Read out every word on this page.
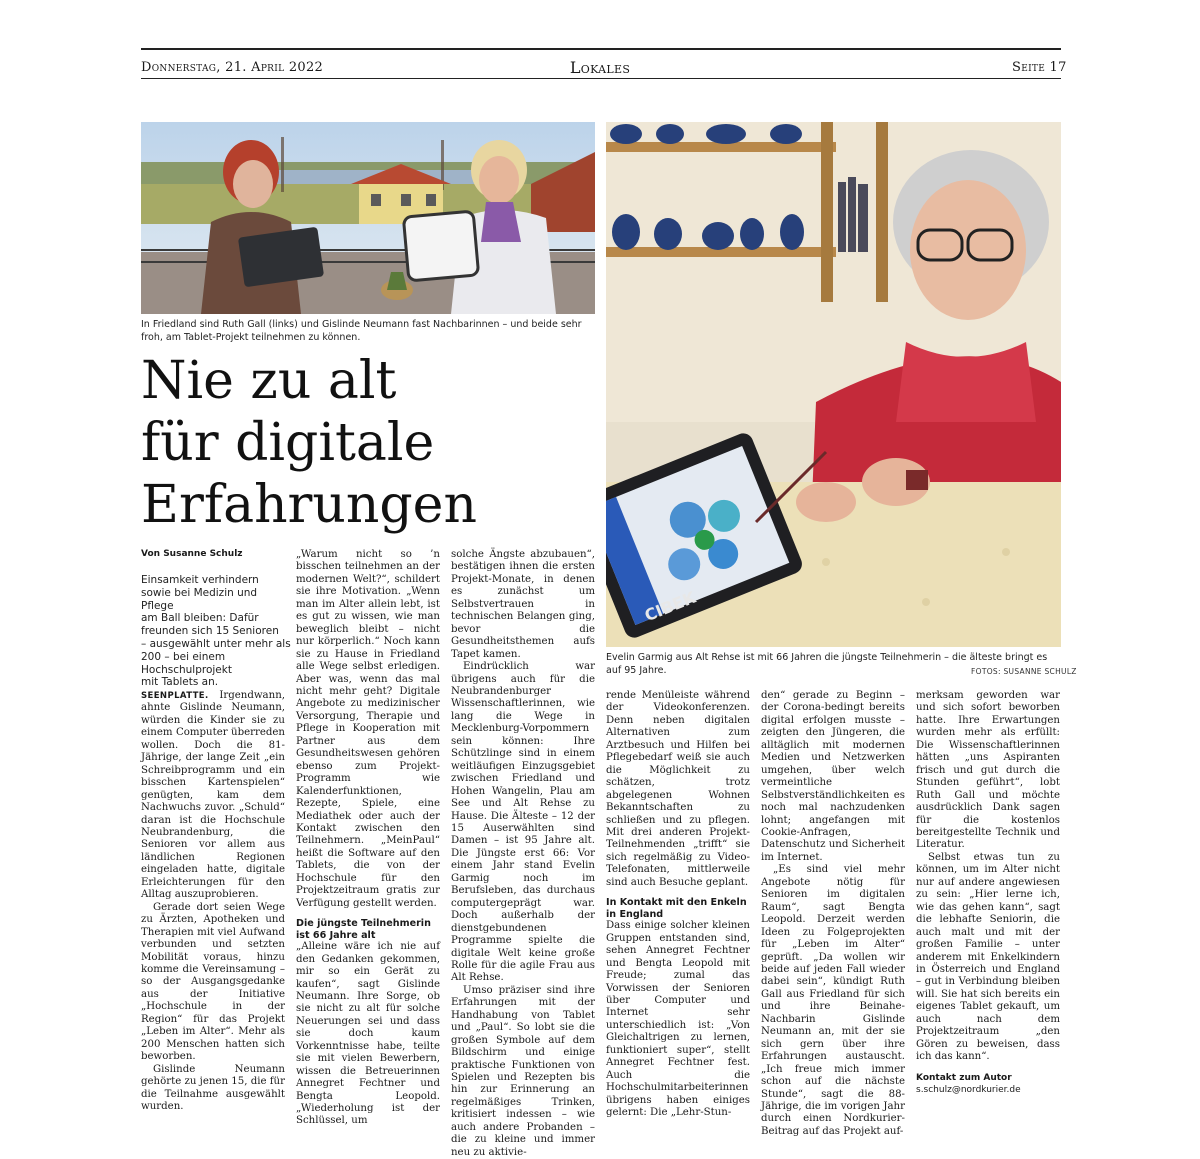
Donnerstag, 21. April 2022	Lokales	Seite 17
In Friedland sind Ruth Gall (links) und Gislinde Neumann fast Nachbarinnen – und beide sehr froh, am Tablet-Projekt teilnehmen zu können.
CIBEK
Evelin Garmig aus Alt Rehse ist mit 66 Jahren die jüngste Teilnehmerin – die älteste bringt es auf 95 Jahre.	FOTOS: SUSANNE SCHULZ
Nie zu alt
für digitale
Erfahrungen
Von Susanne Schulz
Einsamkeit verhindern
sowie bei Medizin und Pflege
am Ball bleiben: Dafür
freunden sich 15 Senioren
– ausgewählt unter mehr als
200 – bei einem
Hochschulprojekt
mit Tablets an.

SEENPLATTE. Irgendwann, ahnte Gislinde Neumann, würden die Kinder sie zu einem Computer überreden wollen. Doch die 81-Jährige, der lange Zeit „ein Schreibprogramm und ein bisschen Kartenspielen“ genügten, kam dem Nachwuchs zuvor. „Schuld“ daran ist die Hochschule Neubrandenburg, die Senioren vor allem aus ländlichen Regionen eingeladen hatte, digitale Erleichterungen für den Alltag auszuprobieren.

Gerade dort seien Wege zu Ärzten, Apotheken und Therapien mit viel Aufwand verbunden und setzten Mobilität voraus, hinzu komme die Vereinsamung – so der Ausgangsgedanke aus der Initiative „Hochschule in der Region“ für das Projekt „Leben im Alter“. Mehr als 200 Menschen hatten sich beworben.

Gislinde Neumann gehörte zu jenen 15, die für die Teilnahme ausgewählt wurden.

„Warum nicht so ’n bisschen teilnehmen an der modernen Welt?“, schildert sie ihre Motivation. „Wenn man im Alter allein lebt, ist es gut zu wissen, wie man beweglich bleibt – nicht nur körperlich.“ Noch kann sie zu Hause in Friedland alle Wege selbst erledigen. Aber was, wenn das mal nicht mehr geht? Digitale Angebote zu medizinischer Versorgung, Therapie und Pflege in Kooperation mit Partner aus dem Gesundheitswesen gehören ebenso zum Projekt-Programm wie Kalenderfunktionen, Rezepte, Spiele, eine Mediathek oder auch der Kontakt zwischen den Teilnehmern. „MeinPaul“ heißt die Software auf den Tablets, die von der Hochschule für den Projektzeitraum gratis zur Verfügung gestellt werden.

Die jüngste Teilnehmerin ist 66 Jahre alt

„Alleine wäre ich nie auf den Gedanken gekommen, mir so ein Gerät zu kaufen“, sagt Gislinde Neumann. Ihre Sorge, ob sie nicht zu alt für solche Neuerungen sei und dass sie doch kaum Vorkenntnisse habe, teilte sie mit vielen Bewerbern, wissen die Betreuerinnen Annegret Fechtner und Bengta Leopold. „Wiederholung ist der Schlüssel, um

solche Ängste abzubauen“, bestätigen ihnen die ersten Projekt-Monate, in denen es zunächst um Selbstvertrauen in technischen Belangen ging, bevor die Gesundheitsthemen aufs Tapet kamen.

Eindrücklich war übrigens auch für die Neubrandenburger Wissenschaftlerinnen, wie lang die Wege in Mecklenburg-Vorpommern sein können: Ihre Schützlinge sind in einem weitläufigen Einzugsgebiet zwischen Friedland und Hohen Wangelin, Plau am See und Alt Rehse zu Hause. Die Älteste – 12 der 15 Auserwählten sind Damen – ist 95 Jahre alt. Die Jüngste erst 66: Vor einem Jahr stand Evelin Garmig noch im Berufsleben, das durchaus computergeprägt war. Doch außerhalb der dienstgebundenen Programme spielte die digitale Welt keine große Rolle für die agile Frau aus Alt Rehse.

Umso präziser sind ihre Erfahrungen mit der Handhabung von Tablet und „Paul“. So lobt sie die großen Symbole auf dem Bildschirm und einige praktische Funktionen von Spielen und Rezepten bis hin zur Erinnerung an regelmäßiges Trinken, kritisiert indessen – wie auch andere Probanden – die zu kleine und immer neu zu aktivie-

rende Menüleiste während der Videokonferenzen. Denn neben digitalen Alternativen zum Arztbesuch und Hilfen bei Pflegebedarf weiß sie auch die Möglichkeit zu schätzen, trotz abgelegenen Wohnen Bekanntschaften zu schließen und zu pflegen. Mit drei anderen Projekt-Teilnehmenden „trifft“ sie sich regelmäßig zu Video-Telefonaten, mittlerweile sind auch Besuche geplant.

In Kontakt mit den Enkeln in England

Dass einige solcher kleinen Gruppen entstanden sind, sehen Annegret Fechtner und Bengta Leopold mit Freude; zumal das Vorwissen der Senioren über Computer und Internet sehr unterschiedlich ist: „Von Gleichaltrigen zu lernen, funktioniert super“, stellt Annegret Fechtner fest. Auch die Hochschulmitarbeiterinnen übrigens haben einiges gelernt: Die „Lehr-Stun-

den“ gerade zu Beginn – der Corona-bedingt bereits digital erfolgen musste – zeigten den Jüngeren, die alltäglich mit modernen Medien und Netzwerken umgehen, über welch vermeintliche Selbstverständlichkeiten es noch mal nachzudenken lohnt; angefangen mit Cookie-Anfragen, Datenschutz und Sicherheit im Internet.

„Es sind viel mehr Angebote nötig für Senioren im digitalen Raum“, sagt Bengta Leopold. Derzeit werden Ideen zu Folgeprojekten für „Leben im Alter“ geprüft. „Da wollen wir beide auf jeden Fall wieder dabei sein“, kündigt Ruth Gall aus Friedland für sich und ihre Beinahe-Nachbarin Gislinde Neumann an, mit der sie sich gern über ihre Erfahrungen austauscht. „Ich freue mich immer schon auf die nächste Stunde“, sagt die 88-Jährige, die im vorigen Jahr durch einen Nordkurier-Beitrag auf das Projekt auf-

merksam geworden war und sich sofort beworben hatte. Ihre Erwartungen wurden mehr als erfüllt: Die Wissenschaftlerinnen hätten „uns Aspiranten frisch und gut durch die Stunden geführt“, lobt Ruth Gall und möchte ausdrücklich Dank sagen für die kostenlos bereitgestellte Technik und Literatur.

Selbst etwas tun zu können, um im Alter nicht nur auf andere angewiesen zu sein: „Hier lerne ich, wie das gehen kann“, sagt die lebhafte Seniorin, die auch malt und mit der großen Familie – unter anderem mit Enkelkindern in Österreich und England – gut in Verbindung bleiben will. Sie hat sich bereits ein eigenes Tablet gekauft, um auch nach dem Projektzeitraum „den Gören zu beweisen, dass ich das kann“.

Kontakt zum Autor

s.schulz@nordkurier.de
